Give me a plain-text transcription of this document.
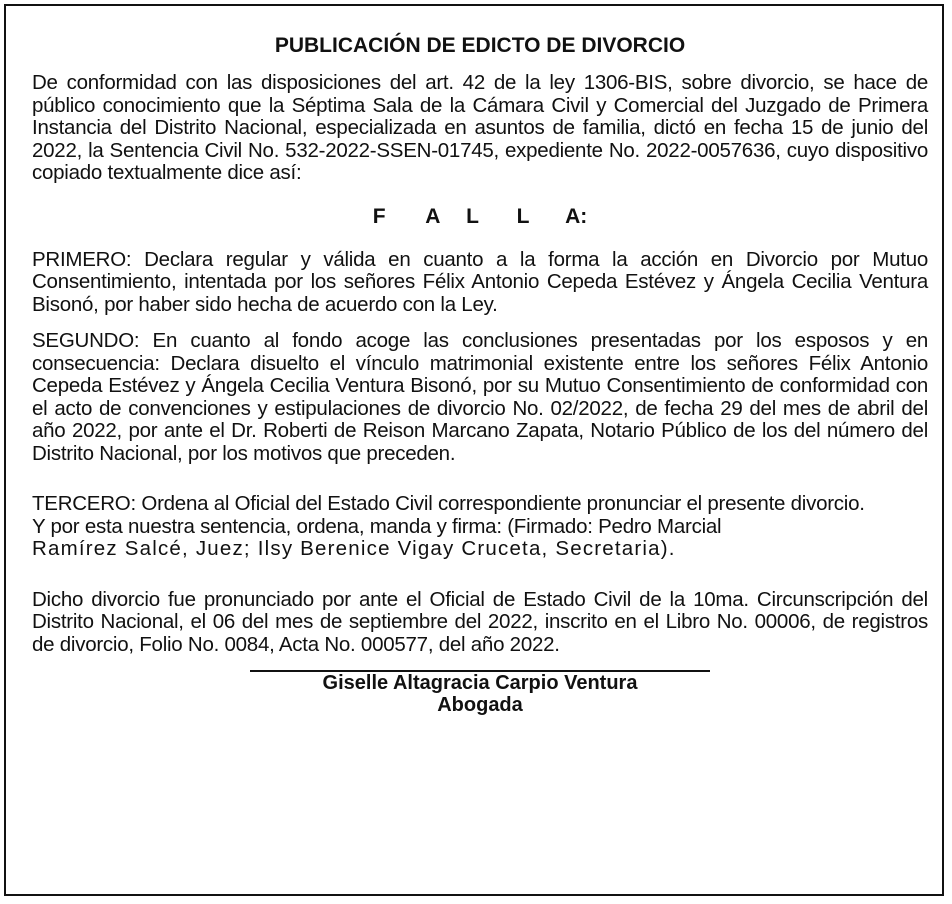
PUBLICACIÓN DE EDICTO DE DIVORCIO

De conformidad con las disposiciones del art. 42 de la ley 1306-BIS, sobre divorcio, se hace de público conocimiento que la Séptima Sala de la Cámara Civil y Comercial del Juzgado de Primera Instancia del Distrito Nacional, especializada en asuntos de familia, dictó en fecha 15 de junio del 2022, la Sentencia Civil No. 532-2022-SSEN-01745, expediente No. 2022-0057636, cuyo dispositivo copiado textualmente dice así:

F A L L A:

PRIMERO: Declara regular y válida en cuanto a la forma la acción en Divorcio por Mutuo Consentimiento, intentada por los señores Félix Antonio Cepeda Estévez y Ángela Cecilia Ventura Bisonó, por haber sido hecha de acuerdo con la Ley.

SEGUNDO: En cuanto al fondo acoge las conclusiones presentadas por los esposos y en consecuencia: Declara disuelto el vínculo matrimonial existente entre los señores Félix Antonio Cepeda Estévez y Ángela Cecilia Ventura Bisonó, por su Mutuo Consentimiento de conformidad con el acto de convenciones y estipulaciones de divorcio No. 02/2022, de fecha 29 del mes de abril del año 2022, por ante el Dr. Roberti de Reison Marcano Zapata, Notario Público de los del número del Distrito Nacional, por los motivos que preceden.

TERCERO: Ordena al Oficial del Estado Civil correspondiente pronunciar el presente divorcio.

Y por esta nuestra sentencia, ordena, manda y firma: (Firmado: Pedro Marcial

Ramírez Salcé, Juez; Ilsy Berenice Vigay Cruceta, Secretaria).

Dicho divorcio fue pronunciado por ante el Oficial de Estado Civil de la 10ma. Circunscripción del Distrito Nacional, el 06 del mes de septiembre del 2022, inscrito en el Libro No. 00006, de registros de divorcio, Folio No. 0084, Acta No. 000577, del año 2022.

Giselle Altagracia Carpio Ventura

Abogada
